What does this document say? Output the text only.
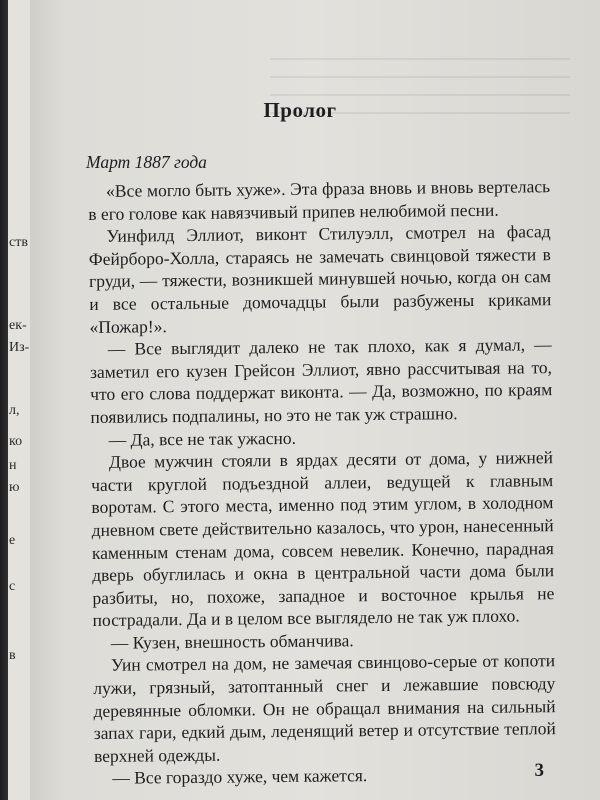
ств
ек-
Из-
л,
ко
н
ю
е
с
в
Пролог
Март 1887 года

«Все могло быть хуже». Эта фраза вновь и вновь вертелась в его голове как навязчивый припев нелюбимой песни.

Уинфилд Эллиот, виконт Стилуэлл, смотрел на фасад Фейрборо-Холла, стараясь не замечать свинцовой тяжести в груди, — тяжести, возникшей минувшей ночью, когда он сам и все остальные домочадцы были разбужены криками «Пожар!».

— Все выглядит далеко не так плохо, как я думал, — заметил его кузен Грейсон Эллиот, явно рассчитывая на то, что его слова поддержат виконта. — Да, возможно, по краям появились подпалины, но это не так уж страшно.

— Да, все не так ужасно.

Двое мужчин стояли в ярдах десяти от дома, у нижней части круглой подъездной аллеи, ведущей к главным воротам. С этого места, именно под этим углом, в холодном дневном свете действительно казалось, что урон, нанесенный каменным стенам дома, совсем невелик. Конечно, парадная дверь обуглилась и окна в центральной части дома были разбиты, но, похоже, западное и восточное крылья не пострадали. Да и в целом все выглядело не так уж плохо.

— Кузен, внешность обманчива.

Уин смотрел на дом, не замечая свинцово-серые от копоти лужи, грязный, затоптанный снег и лежавшие повсюду деревянные обломки. Он не обращал внимания на сильный запах гари, едкий дым, леденящий ветер и отсутствие теплой верхней одежды.

— Все гораздо хуже, чем кажется.	3
